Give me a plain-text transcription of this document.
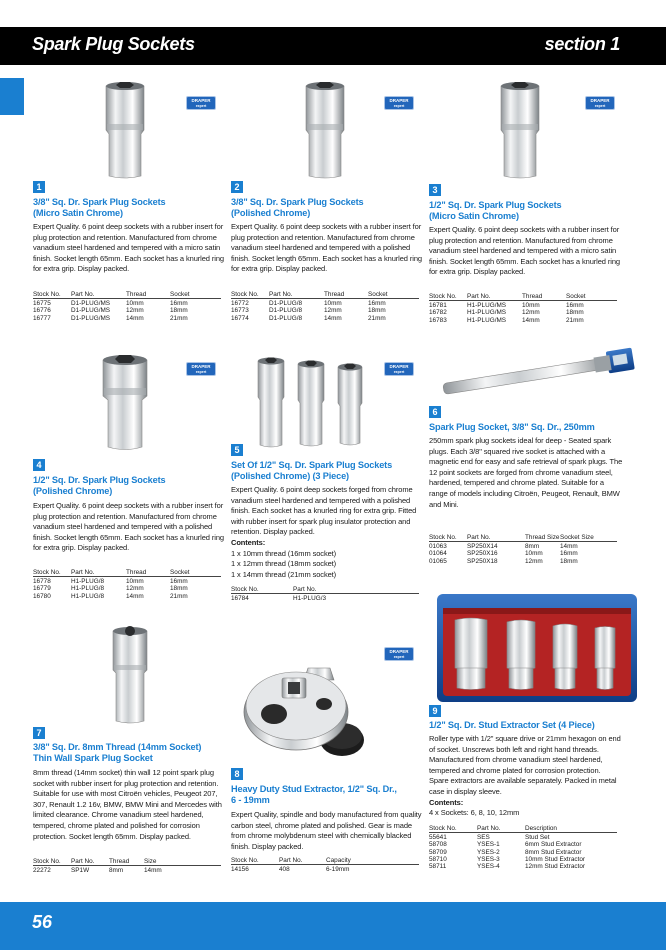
Spark Plug Sockets	section 1
DRAPER
expert
1
3/8" Sq. Dr. Spark Plug Sockets
(Micro Satin Chrome)
Expert Quality. 6 point deep sockets with a rubber insert for plug protection and retention. Manufactured from chrome vanadium steel hardened and tempered with a micro satin finish. Socket length 65mm. Each socket has a knurled ring for extra grip. Display packed.
Stock No.	Part No.	Thread	Socket
16775	D1-PLUG/MS	10mm	16mm
16776	D1-PLUG/MS	12mm	18mm
16777	D1-PLUG/MS	14mm	21mm
DRAPER
expert
2
3/8" Sq. Dr. Spark Plug Sockets
(Polished Chrome)
Expert Quality. 6 point deep sockets with a rubber insert for plug protection and retention. Manufactured from chrome vanadium steel hardened and tempered with a polished finish. Socket length 65mm. Each socket has a knurled ring for extra grip. Display packed.
Stock No.	Part No.	Thread	Socket
16772	D1-PLUG/8	10mm	16mm
16773	D1-PLUG/8	12mm	18mm
16774	D1-PLUG/8	14mm	21mm
DRAPER
expert
3
1/2" Sq. Dr. Spark Plug Sockets
(Micro Satin Chrome)
Expert Quality. 6 point deep sockets with a rubber insert for plug protection and retention. Manufactured from chrome vanadium steel hardened and tempered with a micro satin finish. Socket length 65mm. Each socket has a knurled ring for extra grip. Display packed.
Stock No.	Part No.	Thread	Socket
16781	H1-PLUG/MS	10mm	16mm
16782	H1-PLUG/MS	12mm	18mm
16783	H1-PLUG/MS	14mm	21mm
DRAPER
expert
4
1/2" Sq. Dr. Spark Plug Sockets
(Polished Chrome)
Expert Quality. 6 point deep sockets with a rubber insert for plug protection and retention. Manufactured from chrome vanadium steel hardened and tempered with a polished finish. Socket length 65mm. Each socket has a knurled ring for extra grip. Display packed.
Stock No.	Part No.	Thread	Socket
16778	H1-PLUG/8	10mm	16mm
16779	H1-PLUG/8	12mm	18mm
16780	H1-PLUG/8	14mm	21mm
DRAPER
expert
5
Set Of 1/2" Sq. Dr. Spark Plug Sockets
(Polished Chrome) (3 Piece)
Expert Quality. 6 point deep sockets forged from chrome vanadium steel hardened and tempered with a polished finish. Each socket has a knurled ring for extra grip. Fitted with rubber insert for spark plug insulator protection and retention. Display packed.
Contents:
1 x 10mm thread (16mm socket)
1 x 12mm thread (18mm socket)
1 x 14mm thread (21mm socket)
Stock No.	Part No.
16784	H1-PLUG/3
6
Spark Plug Socket, 3/8" Sq. Dr., 250mm
250mm spark plug sockets ideal for deep - Seated spark plugs. Each 3/8" squared rive socket is attached with a magnetic end for easy and safe retrieval of spark plugs. The 12 point sockets are forged from chrome vanadium steel, hardened, tempered and chrome plated. Suitable for a range of models including Citroën, Peugeot, Renault, BMW and Mini.
Stock No.	Part No.	Thread Size	Socket Size
01063	SP250X14	8mm	14mm
01064	SP250X16	10mm	16mm
01065	SP250X18	12mm	18mm
7
3/8" Sq. Dr. 8mm Thread (14mm Socket)
Thin Wall Spark Plug Socket
8mm thread (14mm socket) thin wall 12 point spark plug socket with rubber insert for plug protection and retention. Suitable for use with most Citroën vehicles, Peugeot 207, 307, Renault 1.2 16v, BMW, BMW Mini and Mercedes with limited clearance. Chrome vanadium steel hardened, tempered, chrome plated and polished for corrosion protection. Socket length 65mm. Display packed.
Stock No.	Part No.	Thread	Size
22272	SP1W	8mm	14mm
DRAPER
expert
8
Heavy Duty Stud Extractor, 1/2" Sq. Dr.,
6 - 19mm
Expert Quality, spindle and body manufactured from quality carbon steel, chrome plated and polished. Gear is made from chrome molybdenum steel with chemically blacked finish. Display packed.
Stock No.	Part No.	Capacity
14156	408	6-19mm
9
1/2" Sq. Dr. Stud Extractor Set (4 Piece)
Roller type with 1/2" square drive or 21mm hexagon on end of socket. Unscrews both left and right hand threads. Manufactured from chrome vanadium steel hardened, tempered and chrome plated for corrosion protection. Spare extractors are available separately. Packed in metal case in display sleeve.
Contents:
4 x Sockets: 6, 8, 10, 12mm
Stock No.	Part No.	Description
55641	SES	Stud Set
58708	YSES-1	6mm Stud Extractor
58709	YSES-2	8mm Stud Extractor
58710	YSES-3	10mm Stud Extractor
58711	YSES-4	12mm Stud Extractor
56
